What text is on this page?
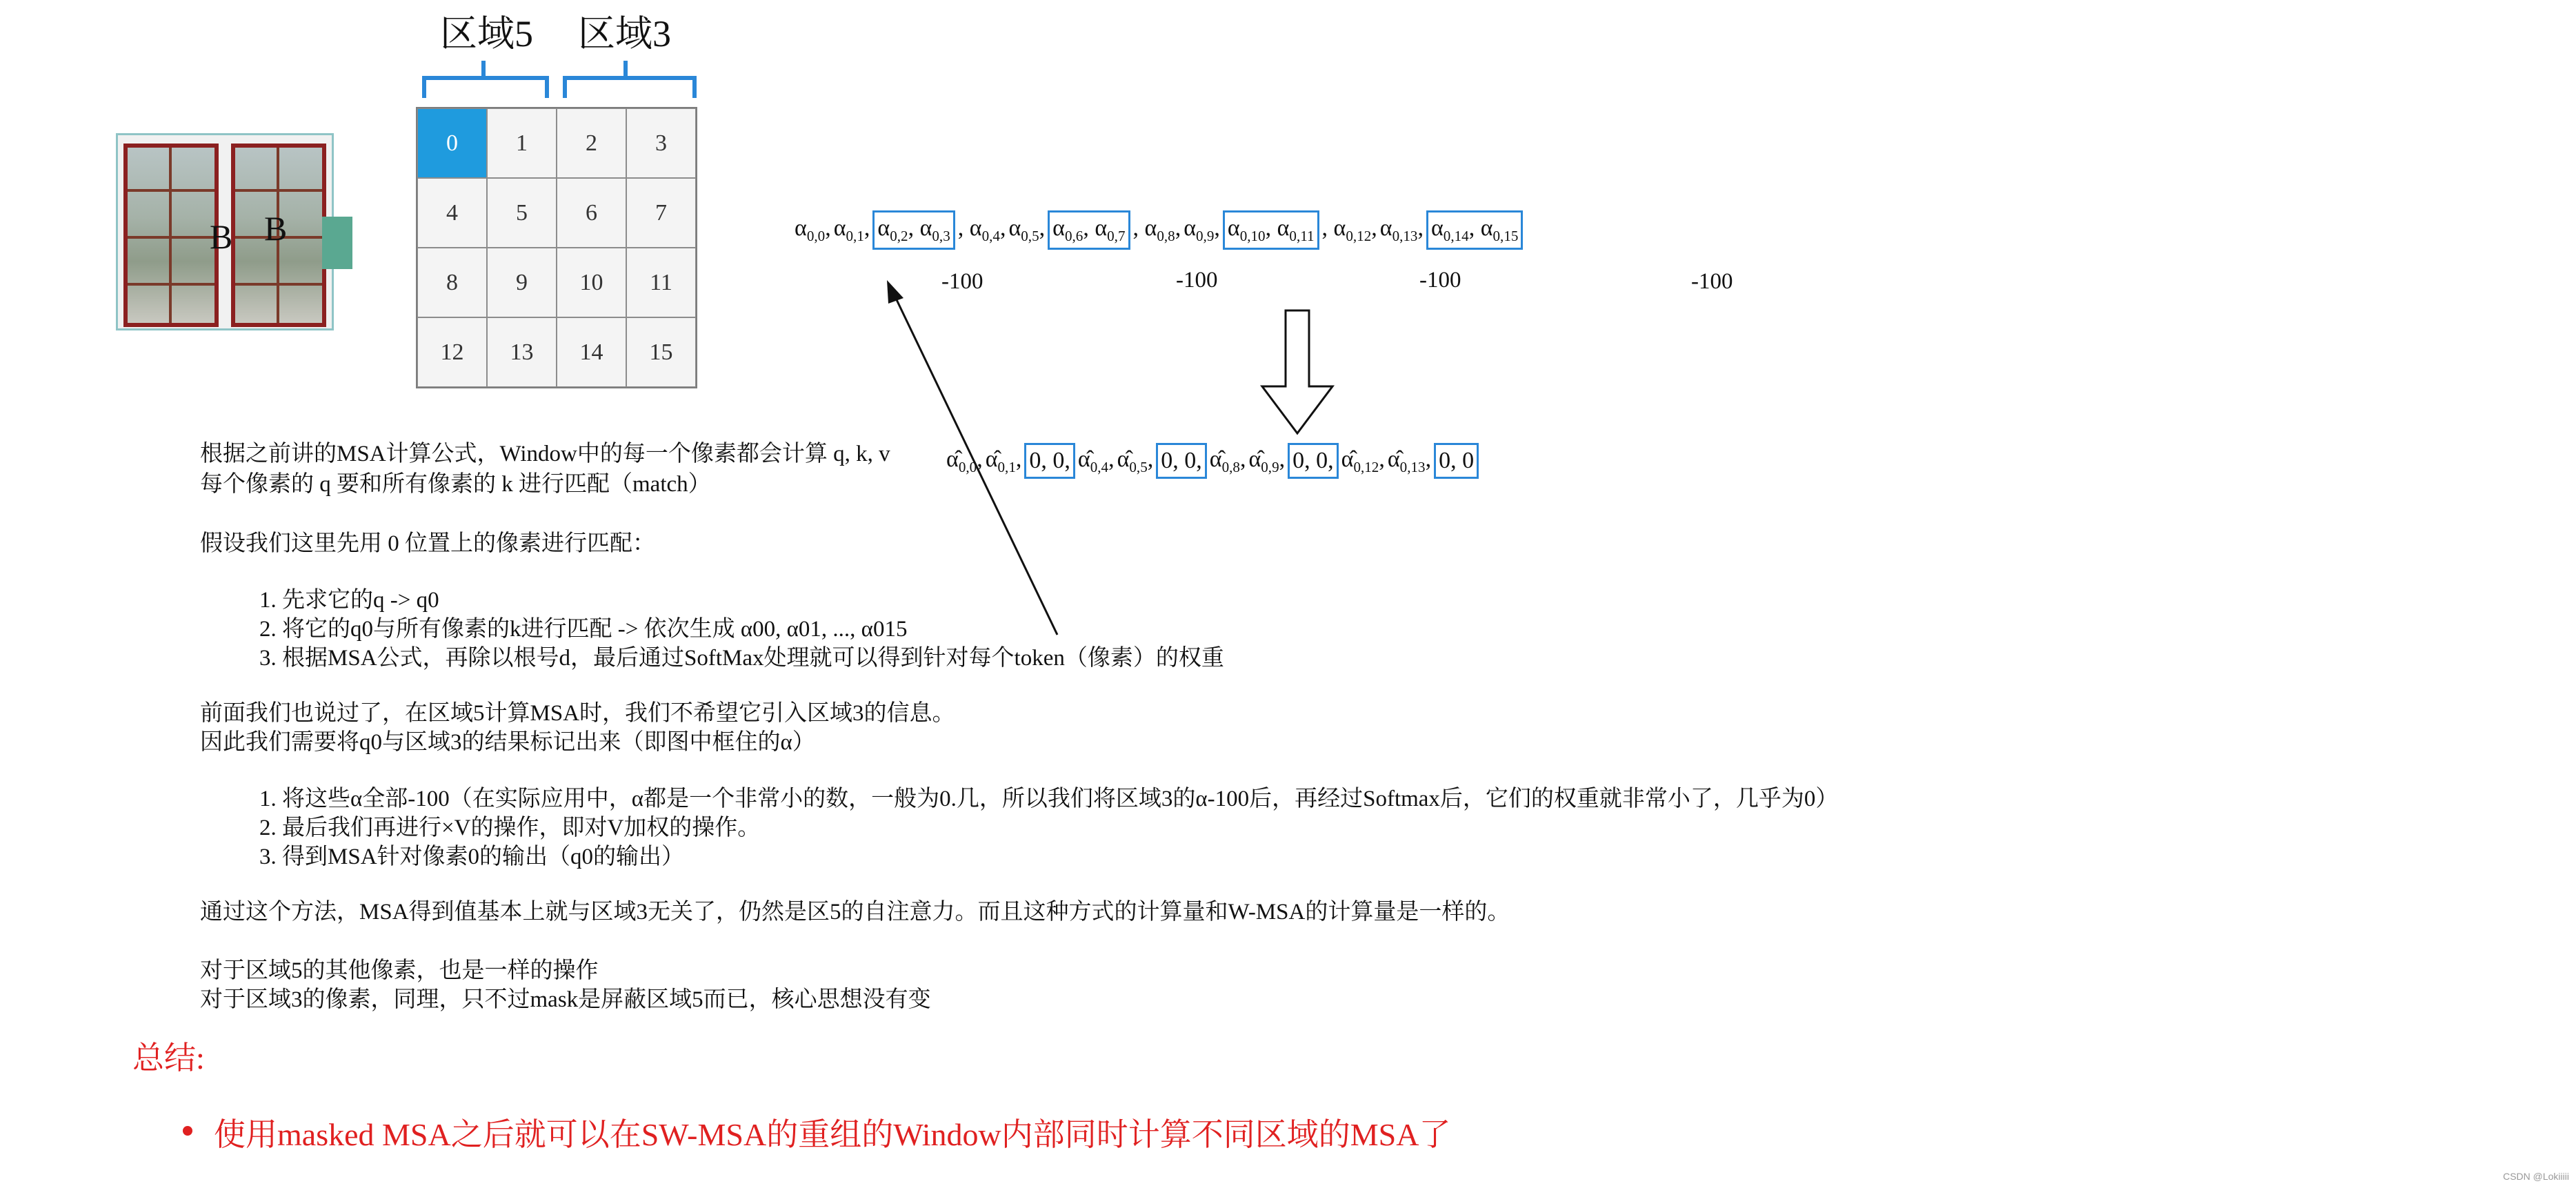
区域5 区域3
0	1	2	3
4	5	6	7
8	9	10	11
12	13	14	15
B B	$\alpha_{0,0}$, $\alpha_{0,1}$, $\alpha_{0,2}$, $\alpha_{0,3}$ , $\alpha_{0,4}$, $\alpha_{0,5}$, $\alpha_{0,6}$, $\alpha_{0,7}$ , $\alpha_{0,8}$, $\alpha_{0,9}$, $\alpha_{0,10}$, $\alpha_{0,11}$ , $\alpha_{0,12}$, $\alpha_{0,13}$, $\alpha_{0,14}$, $\alpha_{0,15}$
-100	-100	-100	-100
$\alphâ_{0,0}$, $\alphâ_{0,1}$, 0, 0, $\alphâ_{0,4}$, $\alphâ_{0,5}$, 0, 0, $\alphâ_{0,8}$, $\alphâ_{0,9}$, 0, 0, $\alphâ_{0,12}$, $\alphâ_{0,13}$, 0, 0
根据之前讲的MSA计算公式，Window中的每一个像素都会计算 q, k, v
每个像素的 q 要和所有像素的 k 进行匹配（match）
假设我们这里先用 0 位置上的像素进行匹配：
1. 先求它的q -> q0
2. 将它的q0与所有像素的k进行匹配 -> 依次生成 α00, α01, ..., α015
3. 根据MSA公式，再除以根号d，最后通过SoftMax处理就可以得到针对每个token（像素）的权重
前面我们也说过了，在区域5计算MSA时，我们不希望它引入区域3的信息。
因此我们需要将q0与区域3的结果标记出来（即图中框住的α）
1. 将这些α全部-100（在实际应用中，α都是一个非常小的数，一般为0.几，所以我们将区域3的α-100后，再经过Softmax后，它们的权重就非常小了，几乎为0）
2. 最后我们再进行×V的操作，即对V加权的操作。
3. 得到MSA针对像素0的输出（q0的输出）
通过这个方法，MSA得到值基本上就与区域3无关了，仍然是区5的自注意力。而且这种方式的计算量和W-MSA的计算量是一样的。
对于区域5的其他像素，也是一样的操作
对于区域3的像素，同理，只不过mask是屏蔽区域5而已，核心思想没有变
总结:
使用masked MSA之后就可以在SW-MSA的重组的Window内部同时计算不同区域的MSA了
CSDN @Lokiiiii
